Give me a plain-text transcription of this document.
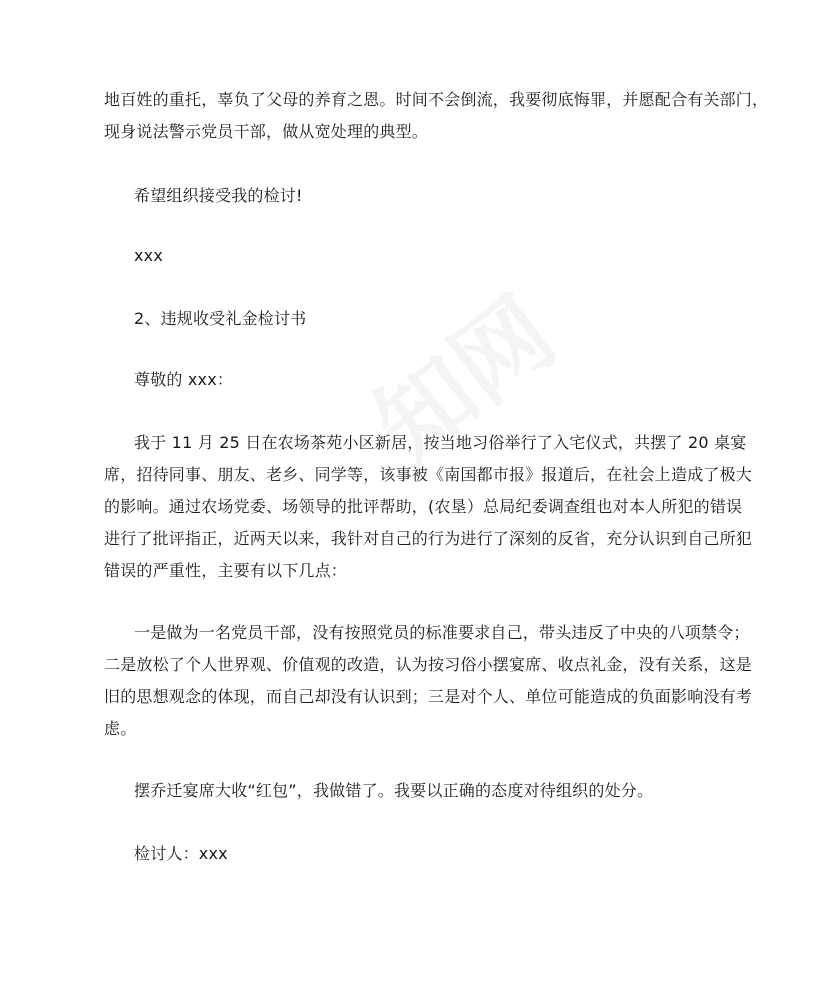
地百姓的重托，辜负了父母的养育之恩。时间不会倒流，我要彻底悔罪，并愿配合有关部门，
现身说法警示党员干部，做从宽处理的典型。
希望组织接受我的检讨!
xxx
2、违规收受礼金检讨书
尊敬的 xxx：
我于 11 月 25 日在农场茶苑小区新居，按当地习俗举行了入宅仪式，共摆了 20 桌宴
席，招待同事、朋友、老乡、同学等，该事被《南国都市报》报道后，在社会上造成了极大
的影响。通过农场党委、场领导的批评帮助，(农垦）总局纪委调查组也对本人所犯的错误
进行了批评指正，近两天以来，我针对自己的行为进行了深刻的反省，充分认识到自己所犯
错误的严重性，主要有以下几点：
一是做为一名党员干部，没有按照党员的标准要求自己，带头违反了中央的八项禁令；
二是放松了个人世界观、价值观的改造，认为按习俗小摆宴席、收点礼金，没有关系，这是
旧的思想观念的体现，而自己却没有认识到；三是对个人、单位可能造成的负面影响没有考
虑。
摆乔迁宴席大收“红包”，我做错了。我要以正确的态度对待组织的处分。
检讨人：xxx
